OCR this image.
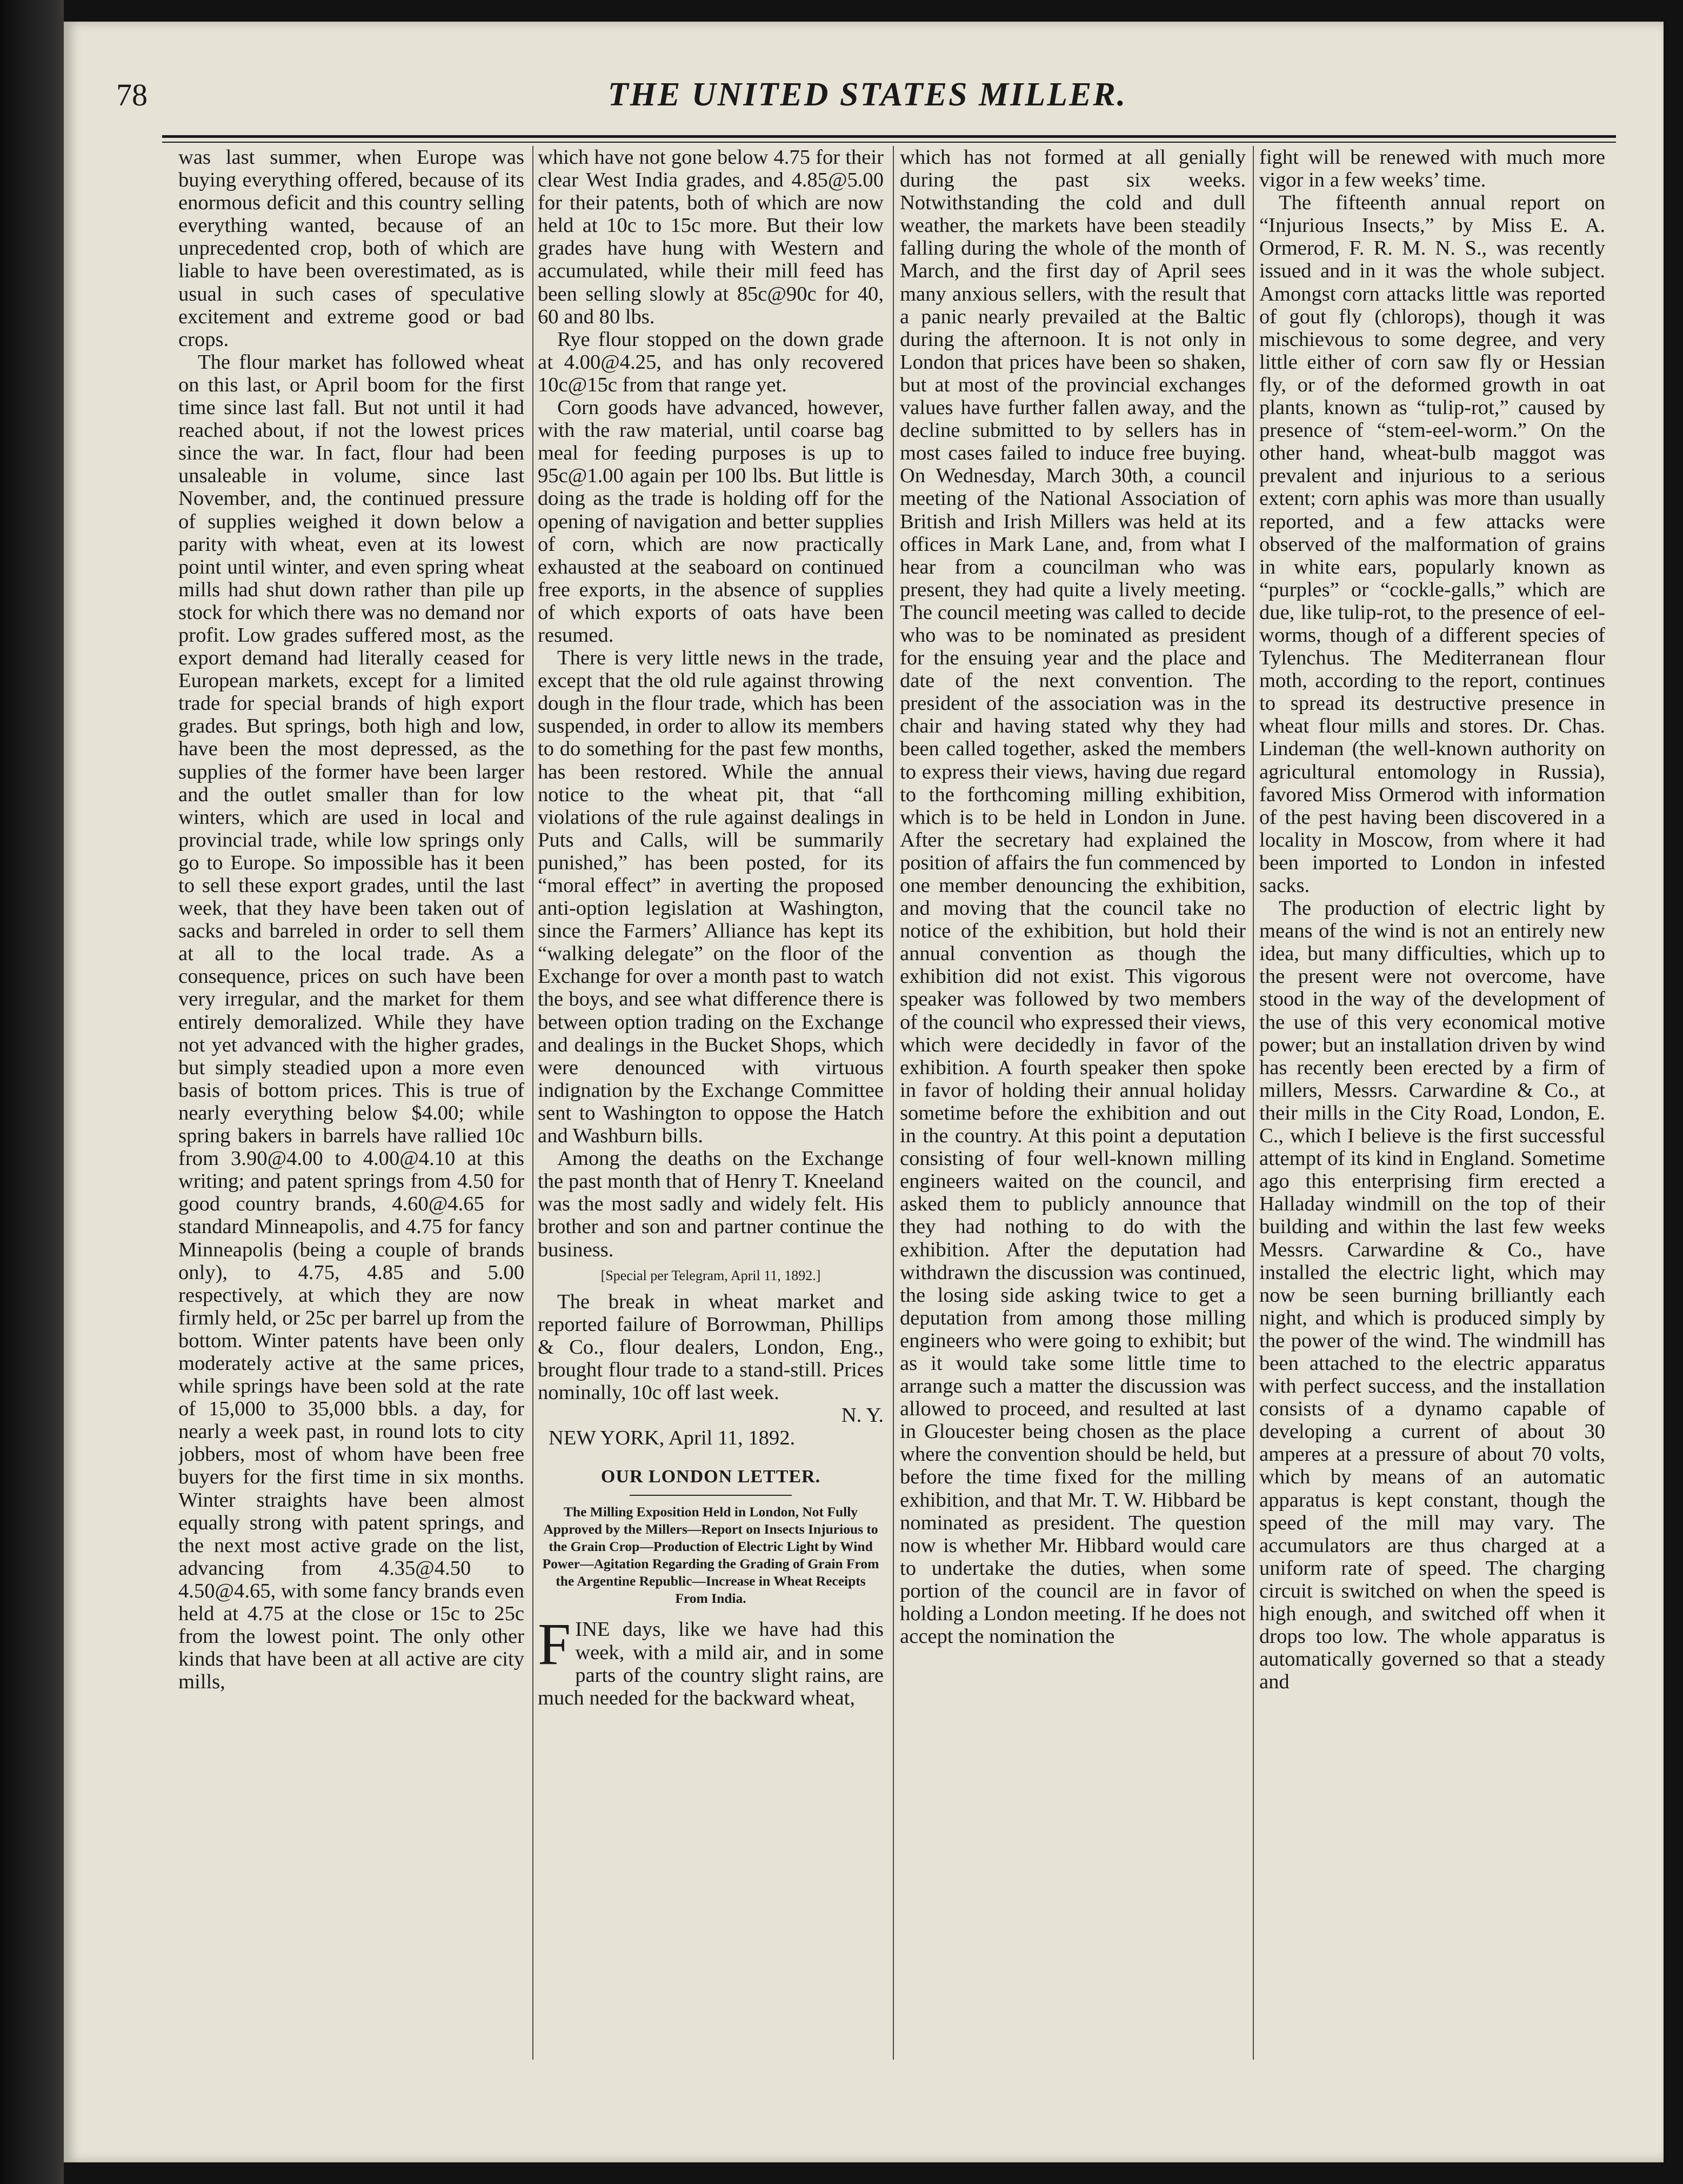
78	THE UNITED STATES MILLER.

was last summer, when Europe was buying everything offered, because of its enormous deficit and this country selling everything wanted, because of an unprecedented crop, both of which are liable to have been overestimated, as is usual in such cases of speculative excitement and extreme good or bad crops.

The flour market has followed wheat on this last, or April boom for the first time since last fall. But not until it had reached about, if not the lowest prices since the war. In fact, flour had been unsaleable in volume, since last November, and, the continued pressure of supplies weighed it down below a parity with wheat, even at its lowest point until winter, and even spring wheat mills had shut down rather than pile up stock for which there was no demand nor profit. Low grades suffered most, as the export demand had literally ceased for European markets, except for a limited trade for special brands of high export grades. But springs, both high and low, have been the most depressed, as the supplies of the former have been larger and the outlet smaller than for low winters, which are used in local and provincial trade, while low springs only go to Europe. So impossible has it been to sell these export grades, until the last week, that they have been taken out of sacks and barreled in order to sell them at all to the local trade. As a consequence, prices on such have been very irregular, and the market for them entirely demoralized. While they have not yet advanced with the higher grades, but simply steadied upon a more even basis of bottom prices. This is true of nearly everything below $4.00; while spring bakers in barrels have rallied 10c from 3.90@4.00 to 4.00@4.10 at this writing; and patent springs from 4.50 for good country brands, 4.60@4.65 for standard Minneapolis, and 4.75 for fancy Minneapolis (being a couple of brands only), to 4.75, 4.85 and 5.00 respectively, at which they are now firmly held, or 25c per barrel up from the bottom. Winter patents have been only moderately active at the same prices, while springs have been sold at the rate of 15,000 to 35,000 bbls. a day, for nearly a week past, in round lots to city jobbers, most of whom have been free buyers for the first time in six months. Winter straights have been almost equally strong with patent springs, and the next most active grade on the list, advancing from 4.35@4.50 to 4.50@4.65, with some fancy brands even held at 4.75 at the close or 15c to 25c from the lowest point. The only other kinds that have been at all active are city mills,

which have not gone below 4.75 for their clear West India grades, and 4.85@5.00 for their patents, both of which are now held at 10c to 15c more. But their low grades have hung with Western and accumulated, while their mill feed has been selling slowly at 85c@90c for 40, 60 and 80 lbs.

Rye flour stopped on the down grade at 4.00@4.25, and has only recovered 10c@15c from that range yet.

Corn goods have advanced, however, with the raw material, until coarse bag meal for feeding purposes is up to 95c@1.00 again per 100 lbs. But little is doing as the trade is holding off for the opening of navigation and better supplies of corn, which are now practically exhausted at the seaboard on continued free exports, in the absence of supplies of which exports of oats have been resumed.

There is very little news in the trade, except that the old rule against throwing dough in the flour trade, which has been suspended, in order to allow its members to do something for the past few months, has been restored. While the annual notice to the wheat pit, that “all violations of the rule against dealings in Puts and Calls, will be summarily punished,” has been posted, for its “moral effect” in averting the proposed anti-option legislation at Washington, since the Farmers’ Alliance has kept its “walking delegate” on the floor of the Exchange for over a month past to watch the boys, and see what difference there is between option trading on the Exchange and dealings in the Bucket Shops, which were denounced with virtuous indignation by the Exchange Committee sent to Washington to oppose the Hatch and Washburn bills.

Among the deaths on the Exchange the past month that of Henry T. Kneeland was the most sadly and widely felt. His brother and son and partner continue the business.

[Special per Telegram, April 11, 1892.]

The break in wheat market and reported failure of Borrowman, Phillips & Co., flour dealers, London, Eng., brought flour trade to a stand-still. Prices nominally, 10c off last week.

N. Y.

NEW YORK, April 11, 1892.

OUR LONDON LETTER.

The Milling Exposition Held in London, Not Fully Approved by the Millers—Report on Insects Injurious to the Grain Crop—Production of Electric Light by Wind Power—Agitation Regarding the Grading of Grain From the Argentine Republic—Increase in Wheat Receipts From India.

FINE days, like we have had this week, with a mild air, and in some parts of the country slight rains, are much needed for the backward wheat,

which has not formed at all genially during the past six weeks. Notwithstanding the cold and dull weather, the markets have been steadily falling during the whole of the month of March, and the first day of April sees many anxious sellers, with the result that a panic nearly prevailed at the Baltic during the afternoon. It is not only in London that prices have been so shaken, but at most of the provincial exchanges values have further fallen away, and the decline submitted to by sellers has in most cases failed to induce free buying. On Wednesday, March 30th, a council meeting of the National Association of British and Irish Millers was held at its offices in Mark Lane, and, from what I hear from a councilman who was present, they had quite a lively meeting. The council meeting was called to decide who was to be nominated as president for the ensuing year and the place and date of the next convention. The president of the association was in the chair and having stated why they had been called together, asked the members to express their views, having due regard to the forthcoming milling exhibition, which is to be held in London in June. After the secretary had explained the position of affairs the fun commenced by one member denouncing the exhibition, and moving that the council take no notice of the exhibition, but hold their annual convention as though the exhibition did not exist. This vigorous speaker was followed by two members of the council who expressed their views, which were decidedly in favor of the exhibition. A fourth speaker then spoke in favor of holding their annual holiday sometime before the exhibition and out in the country. At this point a deputation consisting of four well-known milling engineers waited on the council, and asked them to publicly announce that they had nothing to do with the exhibition. After the deputation had withdrawn the discussion was continued, the losing side asking twice to get a deputation from among those milling engineers who were going to exhibit; but as it would take some little time to arrange such a matter the discussion was allowed to proceed, and resulted at last in Gloucester being chosen as the place where the convention should be held, but before the time fixed for the milling exhibition, and that Mr. T. W. Hibbard be nominated as president. The question now is whether Mr. Hibbard would care to undertake the duties, when some portion of the council are in favor of holding a London meeting. If he does not accept the nomination the

fight will be renewed with much more vigor in a few weeks’ time.

The fifteenth annual report on “Injurious Insects,” by Miss E. A. Ormerod, F. R. M. N. S., was recently issued and in it was the whole subject. Amongst corn attacks little was reported of gout fly (chlorops), though it was mischievous to some degree, and very little either of corn saw fly or Hessian fly, or of the deformed growth in oat plants, known as “tulip-rot,” caused by presence of “stem-eel-worm.” On the other hand, wheat-bulb maggot was prevalent and injurious to a serious extent; corn aphis was more than usually reported, and a few attacks were observed of the malformation of grains in white ears, popularly known as “purples” or “cockle-galls,” which are due, like tulip-rot, to the presence of eel-worms, though of a different species of Tylenchus. The Mediterranean flour moth, according to the report, continues to spread its destructive presence in wheat flour mills and stores. Dr. Chas. Lindeman (the well-known authority on agricultural entomology in Russia), favored Miss Ormerod with information of the pest having been discovered in a locality in Moscow, from where it had been imported to London in infested sacks.

The production of electric light by means of the wind is not an entirely new idea, but many difficulties, which up to the present were not overcome, have stood in the way of the development of the use of this very economical motive power; but an installation driven by wind has recently been erected by a firm of millers, Messrs. Carwardine & Co., at their mills in the City Road, London, E. C., which I believe is the first successful attempt of its kind in England. Sometime ago this enterprising firm erected a Halladay windmill on the top of their building and within the last few weeks Messrs. Carwardine & Co., have installed the electric light, which may now be seen burning brilliantly each night, and which is produced simply by the power of the wind. The windmill has been attached to the electric apparatus with perfect success, and the installation consists of a dynamo capable of developing a current of about 30 amperes at a pressure of about 70 volts, which by means of an automatic apparatus is kept constant, though the speed of the mill may vary. The accumulators are thus charged at a uniform rate of speed. The charging circuit is switched on when the speed is high enough, and switched off when it drops too low. The whole apparatus is automatically governed so that a steady and
